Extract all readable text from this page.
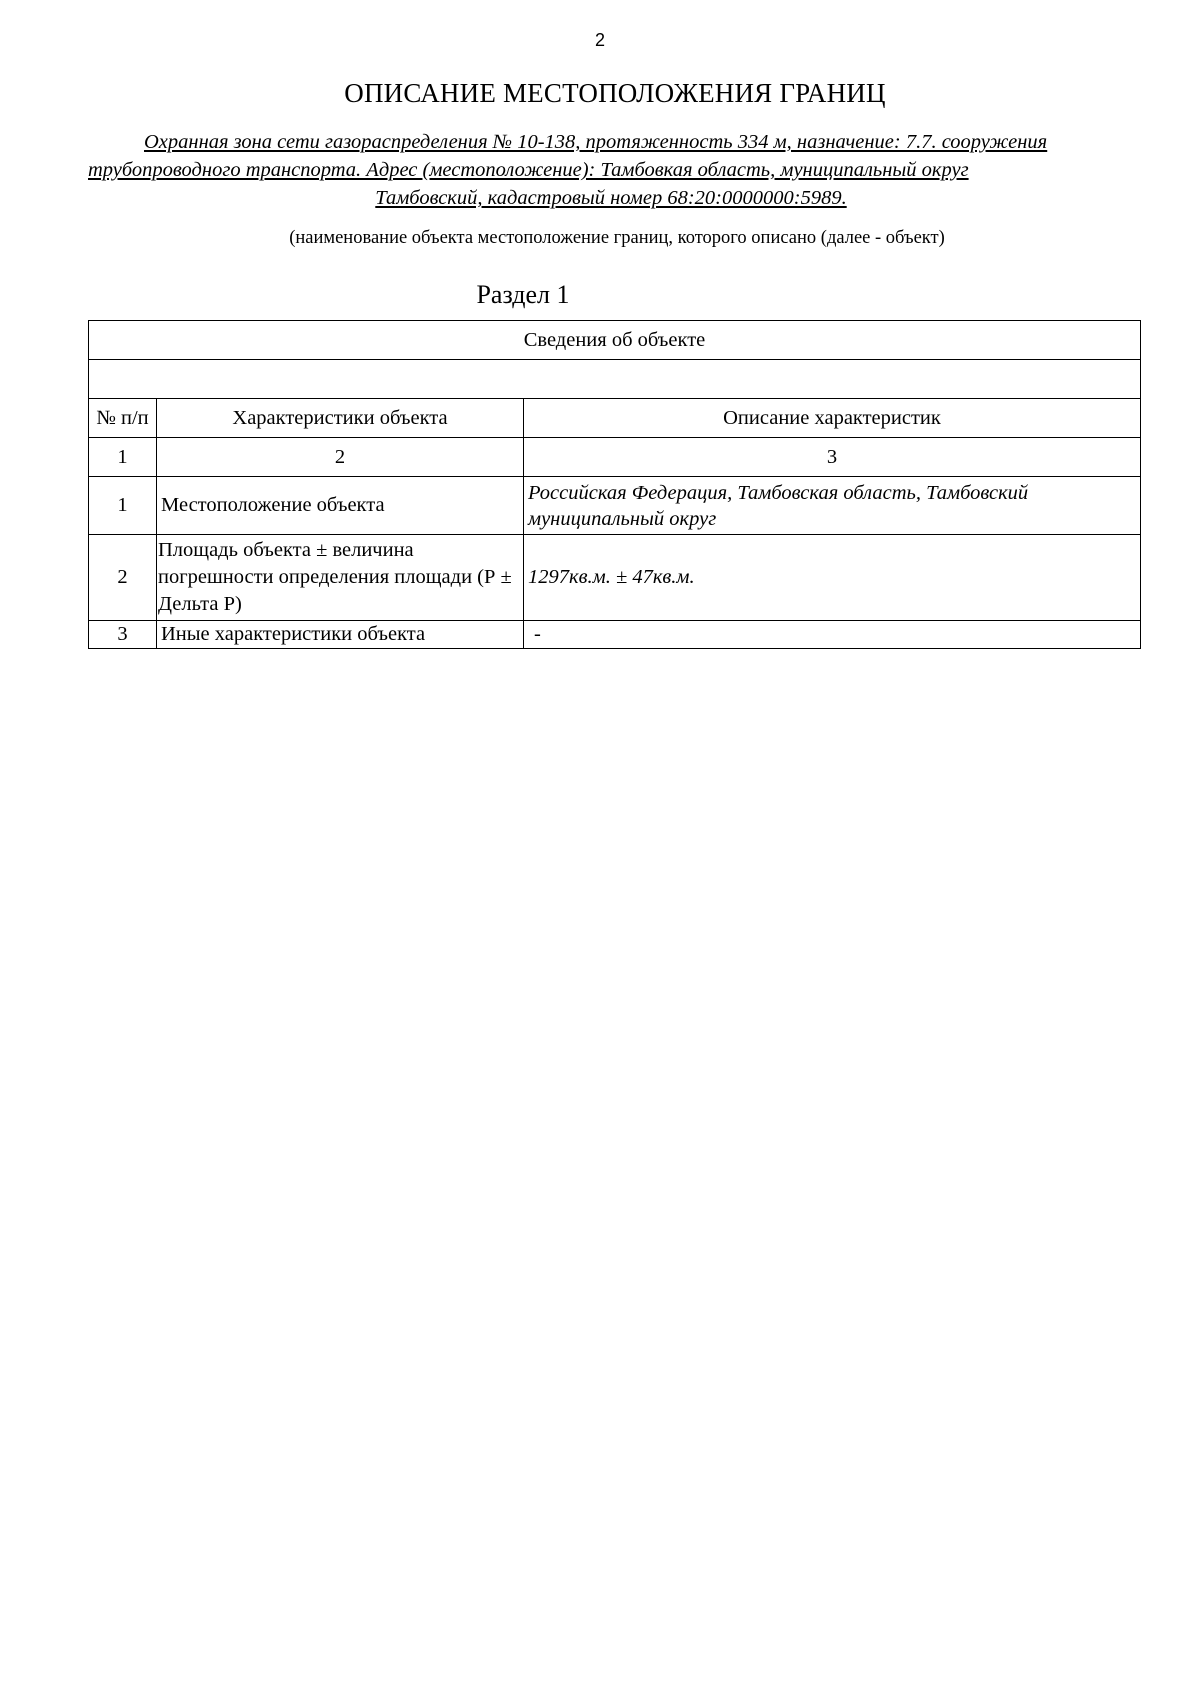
2
ОПИСАНИЕ МЕСТОПОЛОЖЕНИЯ ГРАНИЦ
Охранная зона сети газораспределения № 10-138, протяженность 334 м, назначение: 7.7. сооружения
трубопроводного транспорта. Адрес (местоположение): Тамбовкая область, муниципальный округ
Тамбовский, кадастровый номер 68:20:0000000:5989.
(наименование объекта местоположение границ, которого описано (далее - объект)
Раздел 1
Сведения об объекте		

№ п/п	Характеристики объекта	Описание характеристик
1	2	3
1	Местоположение объекта	Российская Федерация, Тамбовская область, Тамбовский муниципальный округ
2	Площадь объекта ± величина погрешности определения площади (Р ± Дельта Р)	1297кв.м. ± 47кв.м.
3	Иные характеристики объекта	-
